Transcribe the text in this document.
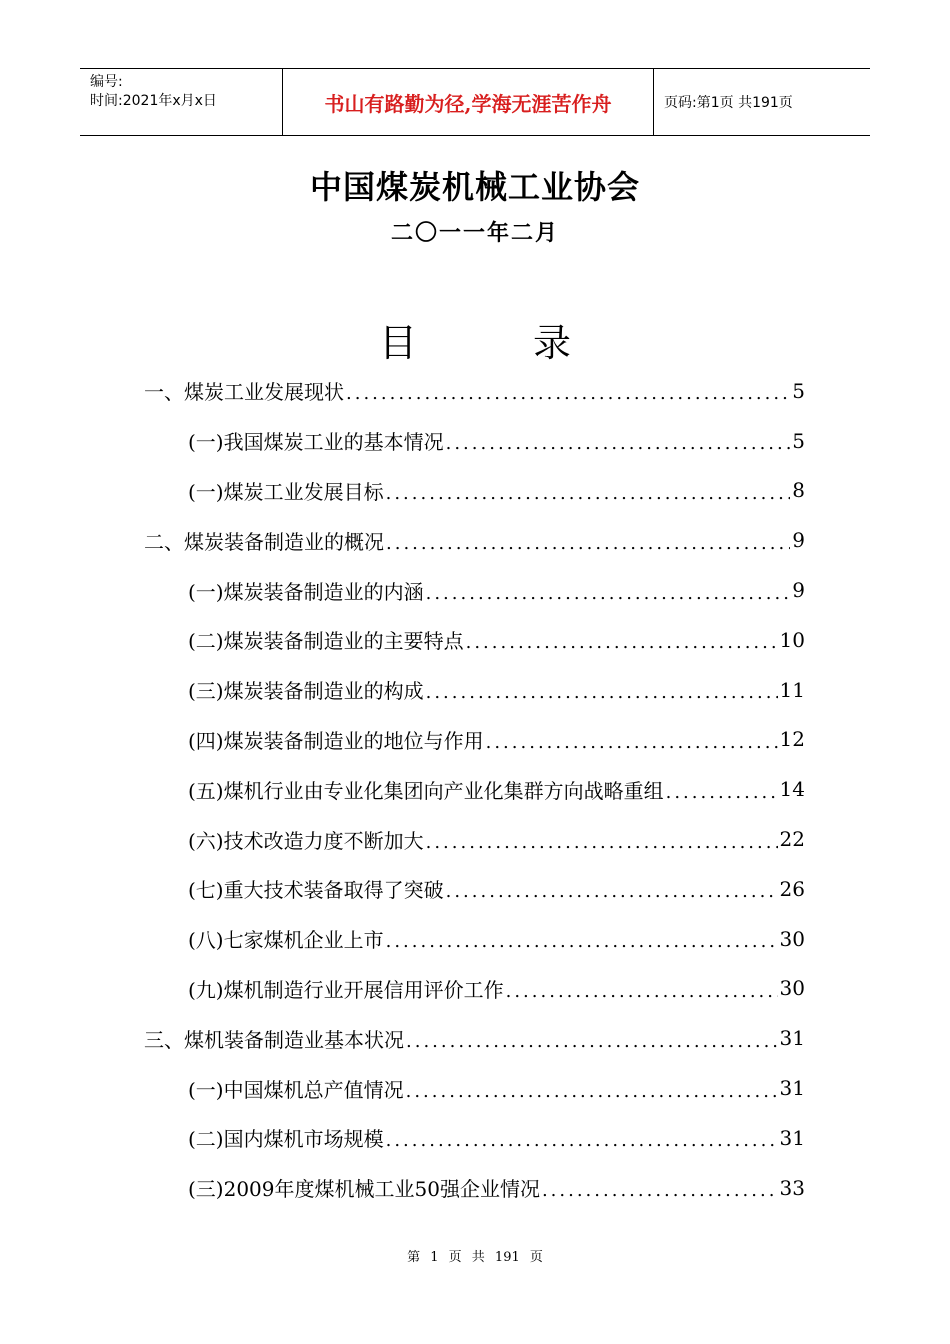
编号:
时间:2021年x月x日	书山有路勤为径,学海无涯苦作舟	页码:第1页 共191页
中国煤炭机械工业协会
二〇一一年二月
目 录
一、煤炭工业发展现状 .....	5
(一)我国煤炭工业的基本情况 .....	5
(一)煤炭工业发展目标 .....	8
二、煤炭装备制造业的概况 .....	9
(一)煤炭装备制造业的内涵 .....	9
(二)煤炭装备制造业的主要特点 .....	10
(三)煤炭装备制造业的构成 .....	11
(四)煤炭装备制造业的地位与作用 .....	12
(五)煤机行业由专业化集团向产业化集群方向战略重组 .....	14
(六)技术改造力度不断加大 .....	22
(七)重大技术装备取得了突破 .....	26
(八)七家煤机企业上市 .....	30
(九)煤机制造行业开展信用评价工作 .....	30
三、煤机装备制造业基本状况 .....	31
(一)中国煤机总产值情况 .....	31
(二)国内煤机市场规模 .....	31
(三)2009年度煤机械工业50强企业情况 .....	33
第 1 页 共 191 页
